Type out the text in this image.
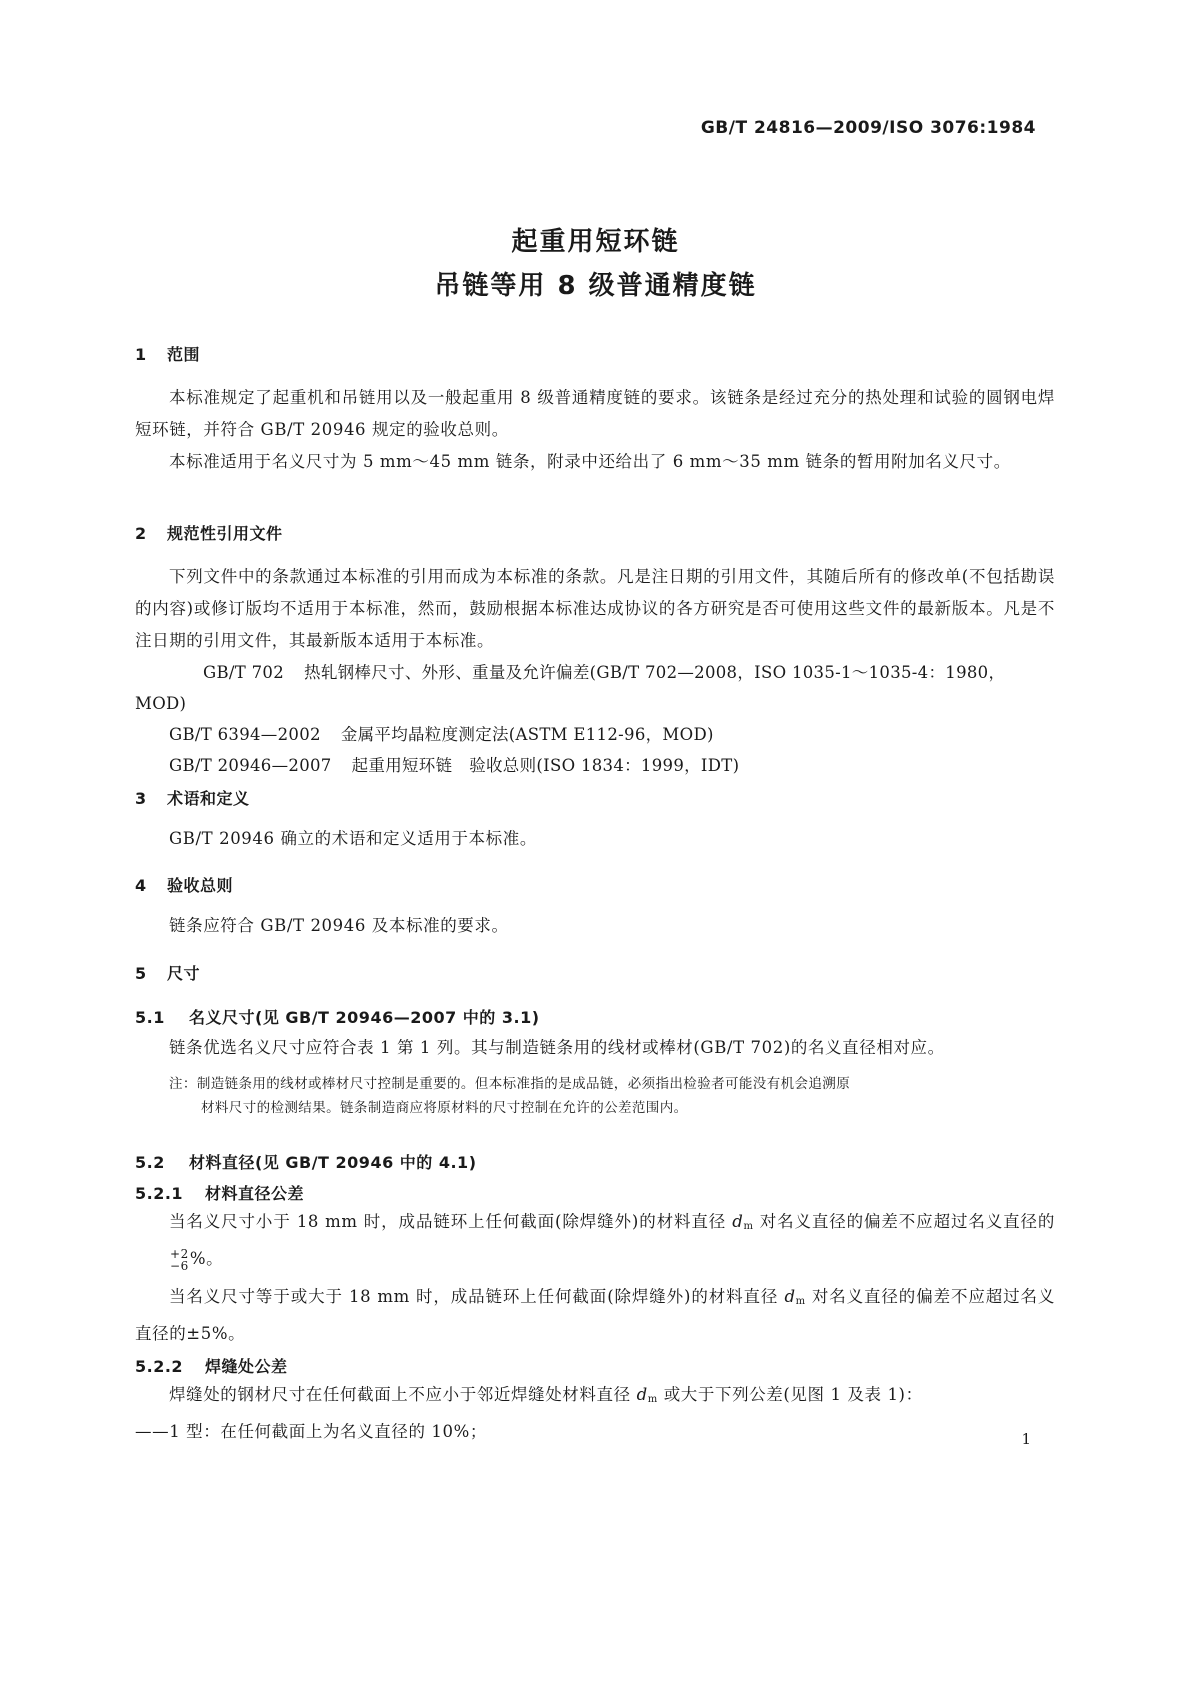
GB/T 24816—2009/ISO 3076:1984
起重用短环链
吊链等用 8 级普通精度链
1 范围

本标准规定了起重机和吊链用以及一般起重用 8 级普通精度链的要求。该链条是经过充分的热处理和试验的圆钢电焊短环链，并符合 GB/T 20946 规定的验收总则。

本标准适用于名义尺寸为 5 mm～45 mm 链条，附录中还给出了 6 mm～35 mm 链条的暂用附加名义尺寸。

2 规范性引用文件

下列文件中的条款通过本标准的引用而成为本标准的条款。凡是注日期的引用文件，其随后所有的修改单(不包括勘误的内容)或修订版均不适用于本标准，然而，鼓励根据本标准达成协议的各方研究是否可使用这些文件的最新版本。凡是不注日期的引用文件，其最新版本适用于本标准。

GB/T 702 热轧钢棒尺寸、外形、重量及允许偏差(GB/T 702—2008，ISO 1035-1～1035-4：1980，MOD)

GB/T 6394—2002 金属平均晶粒度测定法(ASTM E112-96，MOD)

GB/T 20946—2007 起重用短环链　验收总则(ISO 1834：1999，IDT)

3 术语和定义

GB/T 20946 确立的术语和定义适用于本标准。

4 验收总则

链条应符合 GB/T 20946 及本标准的要求。

5 尺寸
5.1 名义尺寸(见 GB/T 20946—2007 中的 3.1)

链条优选名义尺寸应符合表 1 第 1 列。其与制造链条用的线材或棒材(GB/T 702)的名义直径相对应。

注：制造链条用的线材或棒材尺寸控制是重要的。但本标准指的是成品链，必须指出检验者可能没有机会追溯原
材料尺寸的检测结果。链条制造商应将原材料的尺寸控制在允许的公差范围内。

5.2 材料直径(见 GB/T 20946 中的 4.1)
5.2.1 材料直径公差

当名义尺寸小于 18 mm 时，成品链环上任何截面(除焊缝外)的材料直径 $d_m$ 对名义直径的偏差不应超过名义直径的
+2
−6 %。

当名义尺寸等于或大于 18 mm 时，成品链环上任何截面(除焊缝外)的材料直径 $d_m$ 对名义直径的偏差不应超过名义直径的±5%。

5.2.2 焊缝处公差

焊缝处的钢材尺寸在任何截面上不应小于邻近焊缝处材料直径 $d_m$ 或大于下列公差(见图 1 及表 1)：

——1 型：在任何截面上为名义直径的 10%；	1
